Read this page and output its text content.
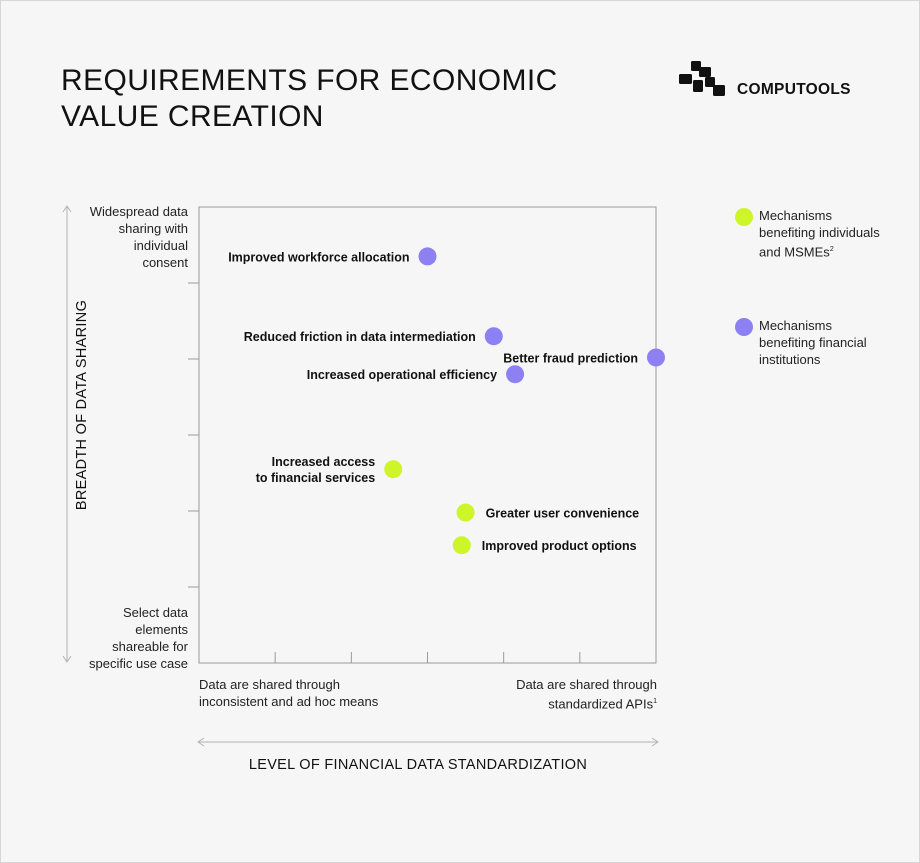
REQUIREMENTS FOR ECONOMIC
VALUE CREATION
COMPUTOOLS
Increased access to financial services
Greater user convenience
Improved product options
Improved workforce allocation
Reduced friction in data intermediation
Increased operational efficiency
Better fraud prediction
BREADTH OF DATA SHARING
LEVEL OF FINANCIAL DATA STANDARDIZATION
Widespread data sharing with individual consent
Select data elements shareable for specific use case
Data are shared through inconsistent and ad hoc means
Data are shared through standardized APIs$^1$
Mechanisms benefiting individuals and MSMEs$^2$
Mechanisms benefiting financial institutions
